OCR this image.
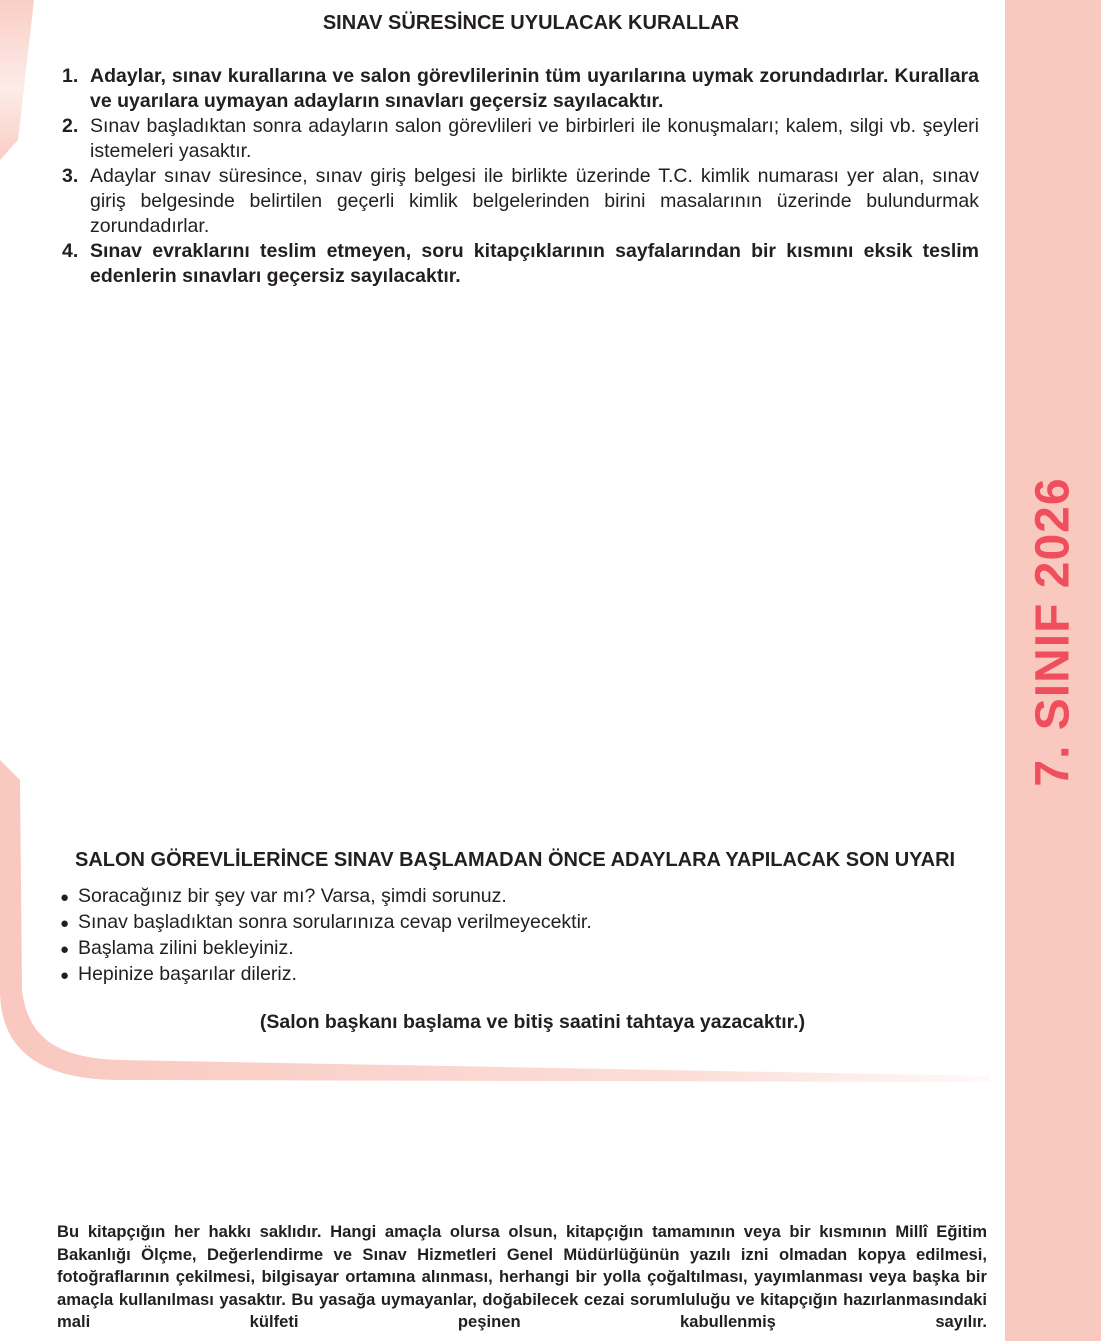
7. SINIF 2026
SINAV SÜRESİNCE UYULACAK KURALLAR
1. Adaylar, sınav kurallarına ve salon görevlilerinin tüm uyarılarına uymak zorundadırlar. Kurallara ve uyarılara uymayan adayların sınavları geçersiz sayılacaktır.
2. Sınav başladıktan sonra adayların salon görevlileri ve birbirleri ile konuşmaları; kalem, silgi vb. şeyleri istemeleri yasaktır.
3. Adaylar sınav süresince, sınav giriş belgesi ile birlikte üzerinde T.C. kimlik numarası yer alan, sınav giriş belgesinde belirtilen geçerli kimlik belgelerinden birini masalarının üzerinde bulundurmak zorundadırlar.
4. Sınav evraklarını teslim etmeyen, soru kitapçıklarının sayfalarından bir kısmını eksik teslim edenlerin sınavları geçersiz sayılacaktır.
SALON GÖREVLİLERİNCE SINAV BAŞLAMADAN ÖNCE ADAYLARA YAPILACAK SON UYARI
● Soracağınız bir şey var mı? Varsa, şimdi sorunuz.
● Sınav başladıktan sonra sorularınıza cevap verilmeyecektir.
● Başlama zilini bekleyiniz.
● Hepinize başarılar dileriz.
(Salon başkanı başlama ve bitiş saatini tahtaya yazacaktır.)
Bu kitapçığın her hakkı saklıdır. Hangi amaçla olursa olsun, kitapçığın tamamının veya bir kısmının Millî Eğitim Bakanlığı Ölçme, Değerlendirme ve Sınav Hizmetleri Genel Müdürlüğünün yazılı izni olmadan kopya edilmesi, fotoğraflarının çekilmesi, bilgisayar ortamına alınması, herhangi bir yolla çoğaltılması, yayımlanması veya başka bir amaçla kullanılması yasaktır. Bu yasağa uymayanlar, doğabilecek cezai sorumluluğu ve kitapçığın hazırlanmasındaki mali külfeti peşinen kabullenmiş sayılır.
